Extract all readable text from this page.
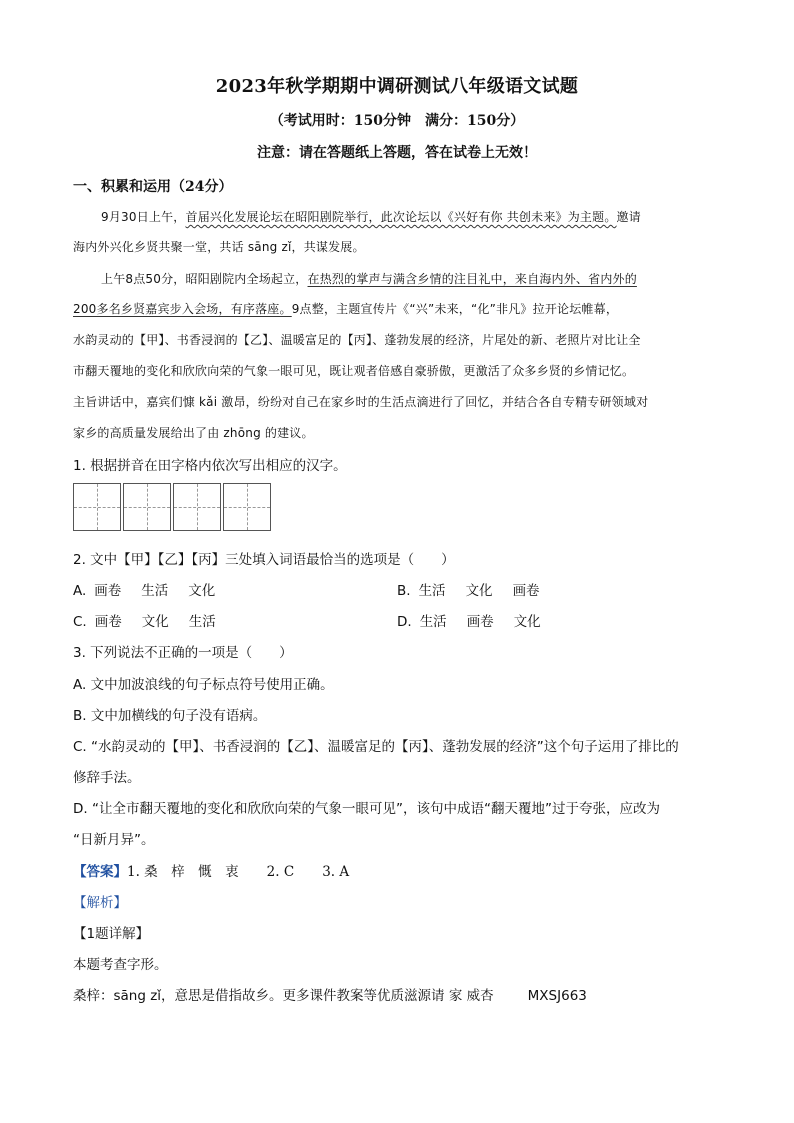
2023年秋学期期中调研测试八年级语文试题
（考试用时：150分钟　满分：150分）
注意：请在答题纸上答题，答在试卷上无效！
一、积累和运用（24分）
9月30日上午，首届兴化发展论坛在昭阳剧院举行，此次论坛以《兴好有你 共创未来》为主题。邀请
海内外兴化乡贤共聚一堂，共话 sāng zǐ，共谋发展。
上午8点50分，昭阳剧院内全场起立，在热烈的掌声与满含乡情的注目礼中，来自海内外、省内外的
200多名乡贤嘉宾步入会场，有序落座。9点整，主题宣传片《“兴”未来，“化”非凡》拉开论坛帷幕，
水韵灵动的【甲】、书香浸润的【乙】、温暖富足的【丙】、蓬勃发展的经济，片尾处的新、老照片对比让全
市翻天覆地的变化和欣欣向荣的气象一眼可见，既让观者倍感自豪骄傲，更激活了众多乡贤的乡情记忆。
主旨讲话中，嘉宾们慷 kǎi 激昂，纷纷对自己在家乡时的生活点滴进行了回忆，并结合各自专精专研领域对
家乡的高质量发展给出了由 zhōng 的建议。
1. 根据拼音在田字格内依次写出相应的汉字。
2. 文中【甲】【乙】【丙】三处填入词语最恰当的选项是（　　）
A. 画卷 生活 文化	B. 生活 文化 画卷
C. 画卷 文化 生活	D. 生活 画卷 文化
3. 下列说法不正确的一项是（　　）
A. 文中加波浪线的句子标点符号使用正确。
B. 文中加横线的句子没有语病。
C. “水韵灵动的【甲】、书香浸润的【乙】、温暖富足的【丙】、蓬勃发展的经济”这个句子运用了排比的
修辞手法。
D. “让全市翻天覆地的变化和欣欣向荣的气象一眼可见”，该句中成语“翻天覆地”过于夸张，应改为
“日新月异”。
【答案】1. 桑　梓　慨　衷 2. C 3. A
【解析】
【1题详解】
本题考查字形。
桑梓：sāng zǐ，意思是借指故乡。更多课件教案等优质滋源请 家 威杏	MXSJ663
